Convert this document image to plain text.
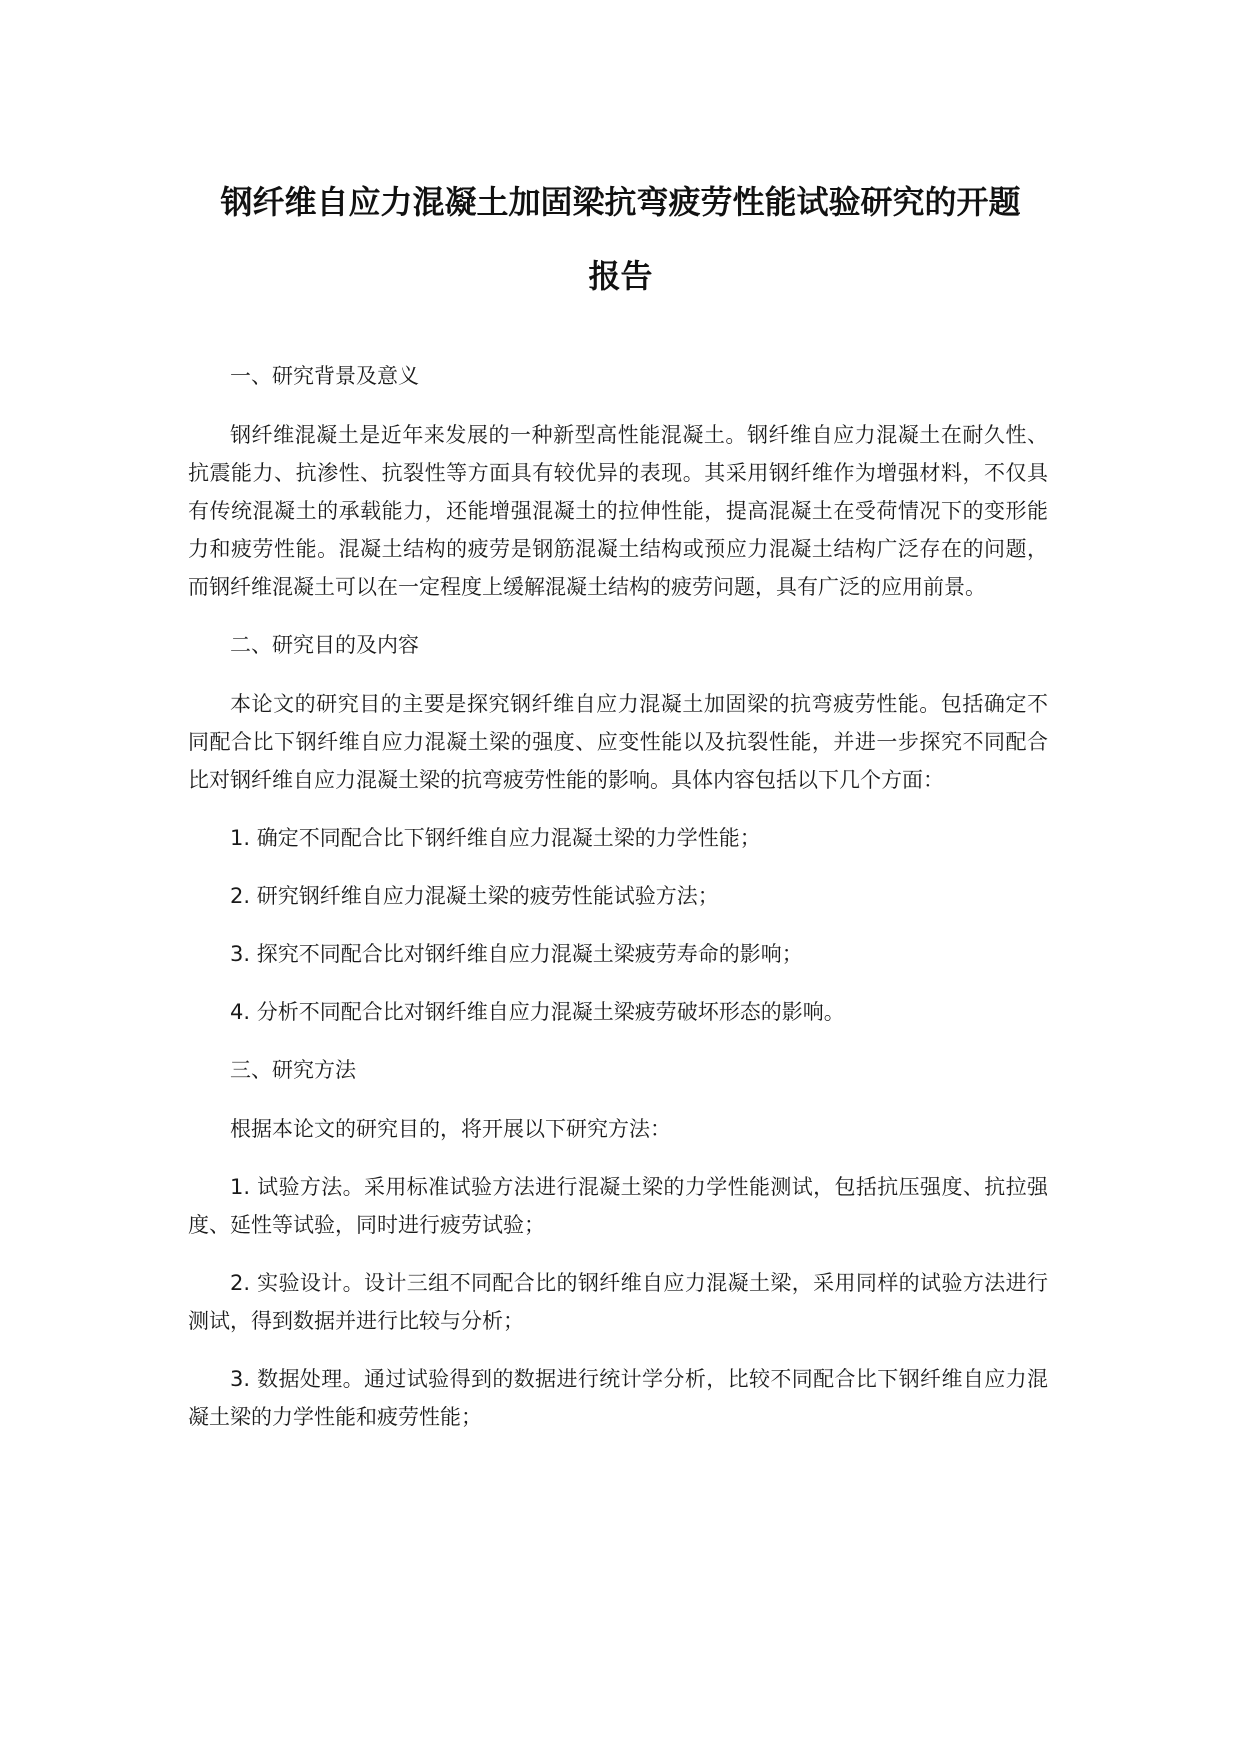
钢纤维自应力混凝土加固梁抗弯疲劳性能试验研究的开题
报告

一、研究背景及意义

钢纤维混凝土是近年来发展的一种新型高性能混凝土。钢纤维自应力混凝土在耐久性、抗震能力、抗渗性、抗裂性等方面具有较优异的表现。其采用钢纤维作为增强材料，不仅具有传统混凝土的承载能力，还能增强混凝土的拉伸性能，提高混凝土在受荷情况下的变形能力和疲劳性能。混凝土结构的疲劳是钢筋混凝土结构或预应力混凝土结构广泛存在的问题，而钢纤维混凝土可以在一定程度上缓解混凝土结构的疲劳问题，具有广泛的应用前景。

二、研究目的及内容

本论文的研究目的主要是探究钢纤维自应力混凝土加固梁的抗弯疲劳性能。包括确定不同配合比下钢纤维自应力混凝土梁的强度、应变性能以及抗裂性能，并进一步探究不同配合比对钢纤维自应力混凝土梁的抗弯疲劳性能的影响。具体内容包括以下几个方面：

1. 确定不同配合比下钢纤维自应力混凝土梁的力学性能；

2. 研究钢纤维自应力混凝土梁的疲劳性能试验方法；

3. 探究不同配合比对钢纤维自应力混凝土梁疲劳寿命的影响；

4. 分析不同配合比对钢纤维自应力混凝土梁疲劳破坏形态的影响。

三、研究方法

根据本论文的研究目的，将开展以下研究方法：

1. 试验方法。采用标准试验方法进行混凝土梁的力学性能测试，包括抗压强度、抗拉强度、延性等试验，同时进行疲劳试验；

2. 实验设计。设计三组不同配合比的钢纤维自应力混凝土梁，采用同样的试验方法进行测试，得到数据并进行比较与分析；

3. 数据处理。通过试验得到的数据进行统计学分析，比较不同配合比下钢纤维自应力混凝土梁的力学性能和疲劳性能；
